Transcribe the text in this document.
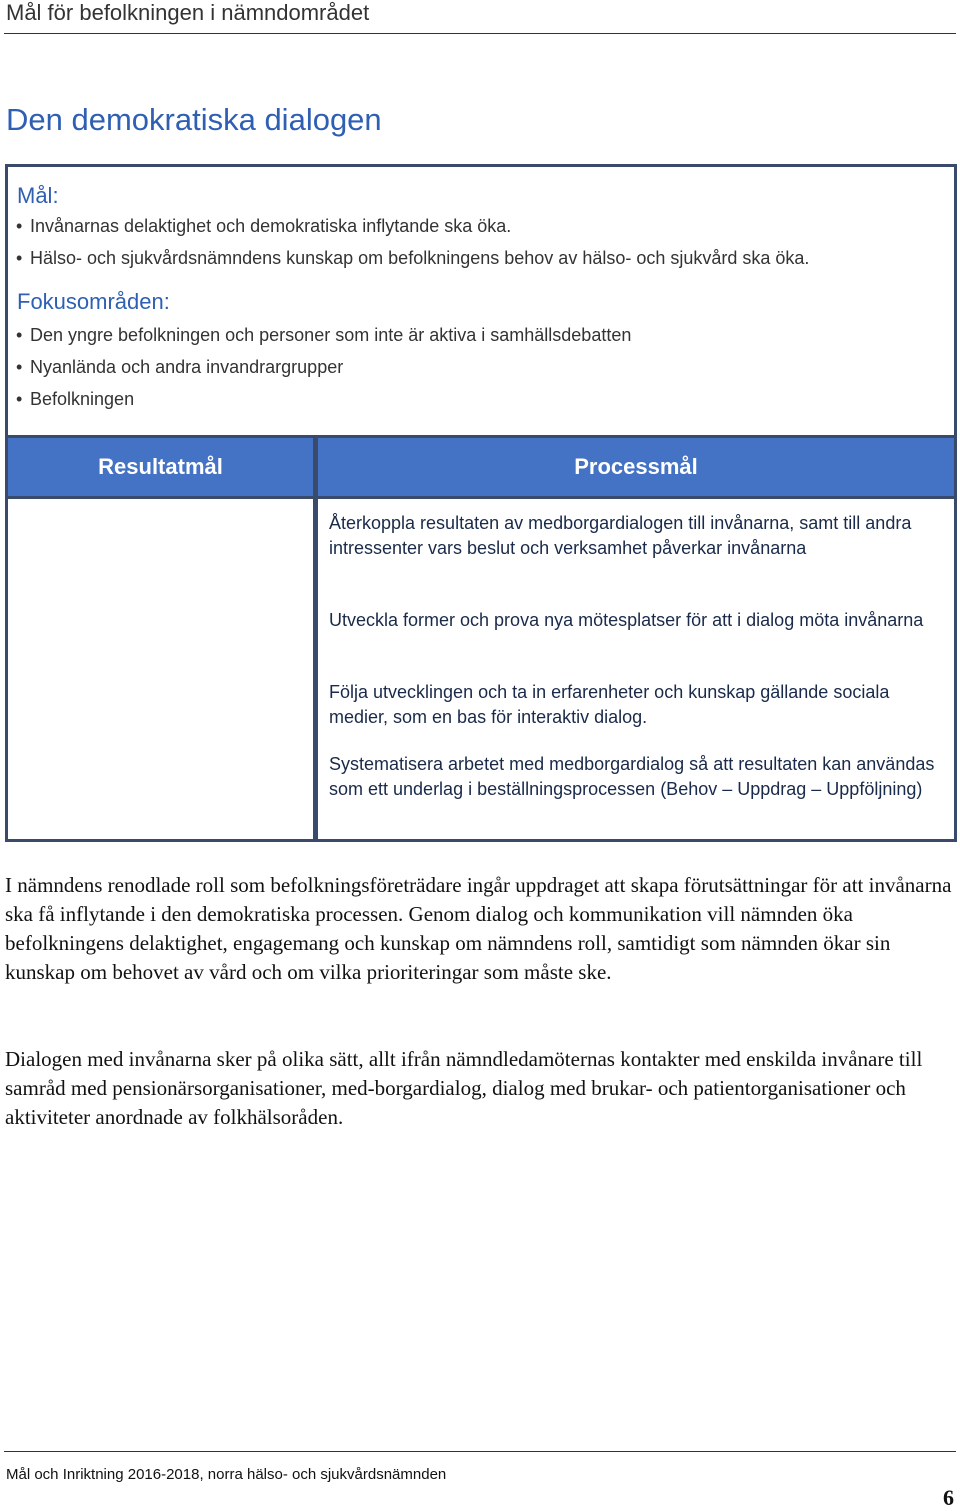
Mål för befolkningen i nämndområdet
Den demokratiska dialogen
Mål:
• Invånarnas delaktighet och demokratiska inflytande ska öka.
• Hälso- och sjukvårdsnämndens kunskap om befolkningens behov av hälso- och sjukvård ska öka.
Fokusområden:
• Den yngre befolkningen och personer som inte är aktiva i samhällsdebatten
• Nyanlända och andra invandrargrupper
• Befolkningen
Resultatmål	Processmål
Återkoppla resultaten av medborgardialogen till invånarna, samt till andra intressenter vars beslut och verksamhet påverkar invånarna
Utveckla former och prova nya mötesplatser för att i dialog möta invånarna
Följa utvecklingen och ta in erfarenheter och kunskap gällande sociala medier, som en bas för interaktiv dialog.
Systematisera arbetet med medborgardialog så att resultaten kan användas som ett underlag i beställningsprocessen (Behov – Uppdrag – Uppföljning)
I nämndens renodlade roll som befolkningsföreträdare ingår uppdraget att skapa förutsättningar för att invånarna ska få inflytande i den demokratiska processen. Genom dialog och kommunikation vill nämnden öka befolkningens delaktighet, engagemang och kunskap om nämndens roll, samtidigt som nämnden ökar sin kunskap om behovet av vård och om vilka prioriteringar som måste ske.
Dialogen med invånarna sker på olika sätt, allt ifrån nämndledamöternas kontakter med enskilda invånare till samråd med pensionärsorganisationer, med-borgardialog, dialog med brukar- och patientorganisationer och aktiviteter anordnade av folkhälsoråden.
Mål och Inriktning 2016-2018, norra hälso- och sjukvårdsnämnden
6
